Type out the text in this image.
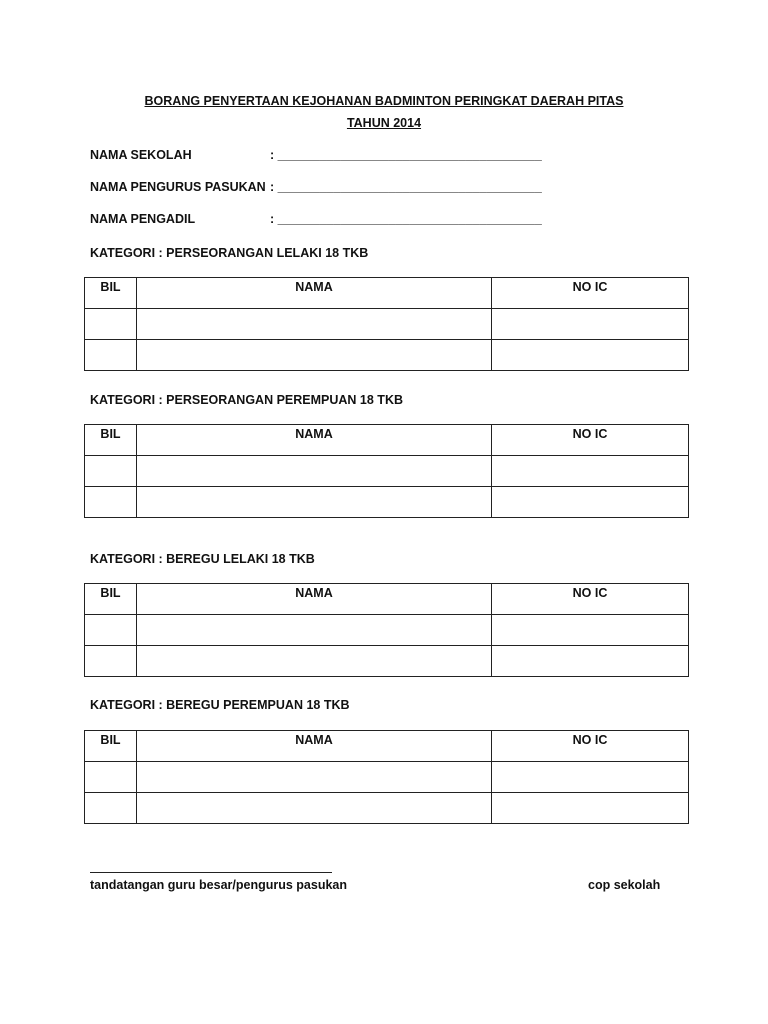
BORANG PENYERTAAN KEJOHANAN BADMINTON PERINGKAT DAERAH PITAS
TAHUN 2014
NAMA SEKOLAH	: ______________________________________
NAMA PENGURUS PASUKAN : ______________________________________
NAMA PENGADIL	: ______________________________________
KATEGORI : PERSEORANGAN LELAKI 18 TKB
BIL	NAMA	NO IC

KATEGORI : PERSEORANGAN PEREMPUAN 18 TKB
BIL	NAMA	NO IC

KATEGORI : BEREGU LELAKI 18 TKB
BIL	NAMA	NO IC

KATEGORI : BEREGU PEREMPUAN 18 TKB
BIL	NAMA	NO IC

tandatangan guru besar/pengurus pasukan	cop sekolah
